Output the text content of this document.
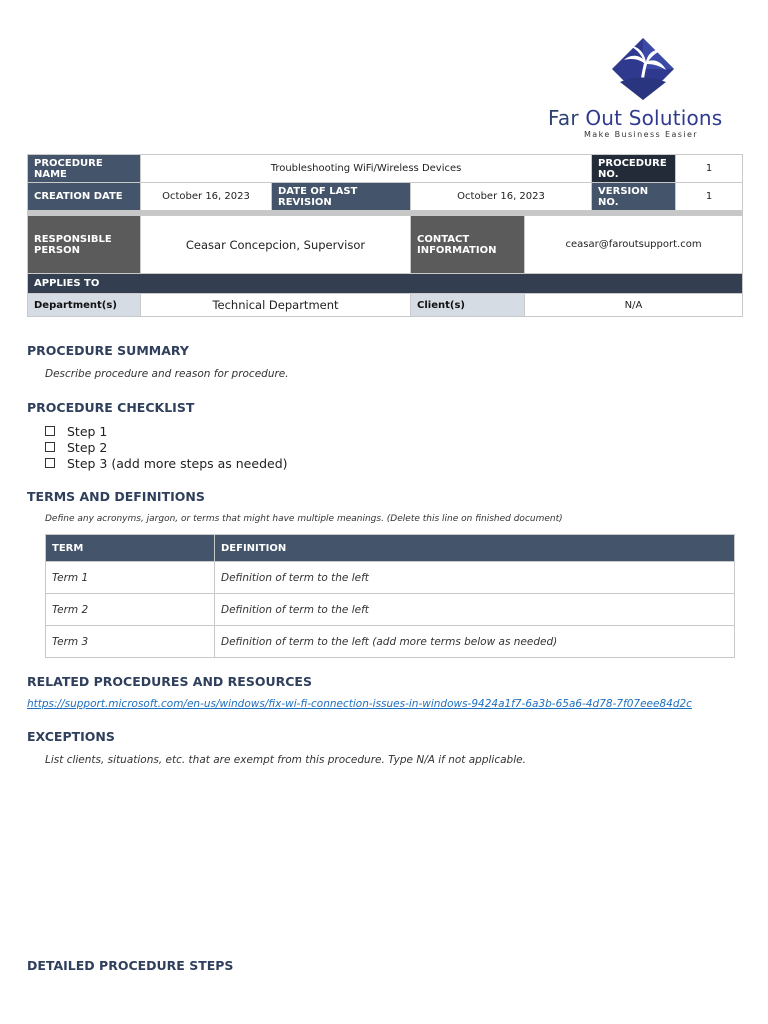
Far Out Solutions
Make Business Easier
PROCEDURE NAME	Troubleshooting WiFi/Wireless Devices				PROCEDURE NO.	1
CREATION DATE	October 16, 2023	DATE OF LAST REVISION	October 16, 2023		VERSION NO.	1

RESPONSIBLE PERSON	Ceasar Concepcion, Supervisor		CONTACT INFORMATION	ceasar@faroutsupport.com		
APPLIES TO						
Department(s)	Technical Department		Client(s)	N/A		
PROCEDURE SUMMARY
Describe procedure and reason for procedure.
PROCEDURE CHECKLIST
Step 1
Step 2
Step 3 (add more steps as needed)
TERMS AND DEFINITIONS
Define any acronyms, jargon, or terms that might have multiple meanings. (Delete this line on finished document)
TERM	DEFINITION
Term 1	Definition of term to the left
Term 2	Definition of term to the left
Term 3	Definition of term to the left (add more terms below as needed)
RELATED PROCEDURES AND RESOURCES
https://support.microsoft.com/en-us/windows/fix-wi-fi-connection-issues-in-windows-9424a1f7-6a3b-65a6-4d78-7f07eee84d2c
EXCEPTIONS
List clients, situations, etc. that are exempt from this procedure. Type N/A if not applicable.
DETAILED PROCEDURE STEPS
